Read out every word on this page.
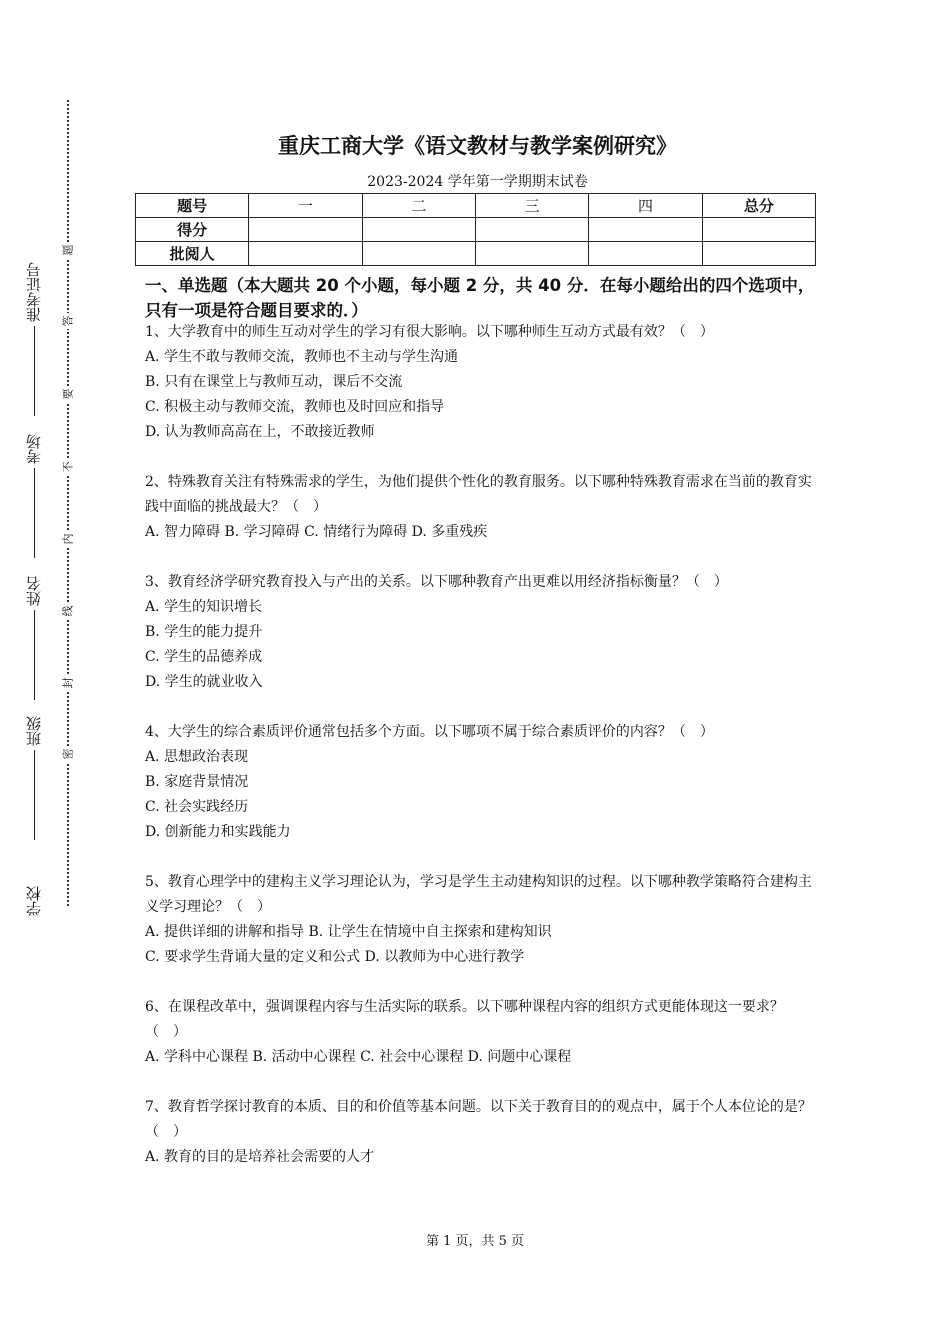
准考证号
考场
姓名
班级
学校
题
答
要
不
内
线
封
密
重庆工商大学《语文教材与教学案例研究》
2023-2024 学年第一学期期末试卷
题号	一	二	三	四	总分
得分					
批阅人					
一、单选题（本大题共 20 个小题，每小题 2 分，共 40 分．在每小题给出的四个选项中，只有一项是符合题目要求的．）
1、大学教育中的师生互动对学生的学习有很大影响。以下哪种师生互动方式最有效？（　）
A. 学生不敢与教师交流，教师也不主动与学生沟通
B. 只有在课堂上与教师互动，课后不交流
C. 积极主动与教师交流，教师也及时回应和指导
D. 认为教师高高在上，不敢接近教师
2、特殊教育关注有特殊需求的学生，为他们提供个性化的教育服务。以下哪种特殊教育需求在当前的教育实践中面临的挑战最大？（　）
A. 智力障碍 B. 学习障碍 C. 情绪行为障碍 D. 多重残疾
3、教育经济学研究教育投入与产出的关系。以下哪种教育产出更难以用经济指标衡量？（　）
A. 学生的知识增长
B. 学生的能力提升
C. 学生的品德养成
D. 学生的就业收入
4、大学生的综合素质评价通常包括多个方面。以下哪项不属于综合素质评价的内容？（　）
A. 思想政治表现
B. 家庭背景情况
C. 社会实践经历
D. 创新能力和实践能力
5、教育心理学中的建构主义学习理论认为，学习是学生主动建构知识的过程。以下哪种教学策略符合建构主义学习理论？（　）
A. 提供详细的讲解和指导 B. 让学生在情境中自主探索和建构知识
C. 要求学生背诵大量的定义和公式 D. 以教师为中心进行教学
6、在课程改革中，强调课程内容与生活实际的联系。以下哪种课程内容的组织方式更能体现这一要求？（　）
A. 学科中心课程 B. 活动中心课程 C. 社会中心课程 D. 问题中心课程
7、教育哲学探讨教育的本质、目的和价值等基本问题。以下关于教育目的的观点中，属于个人本位论的是？（　）
A. 教育的目的是培养社会需要的人才
第 1 页，共 5 页
